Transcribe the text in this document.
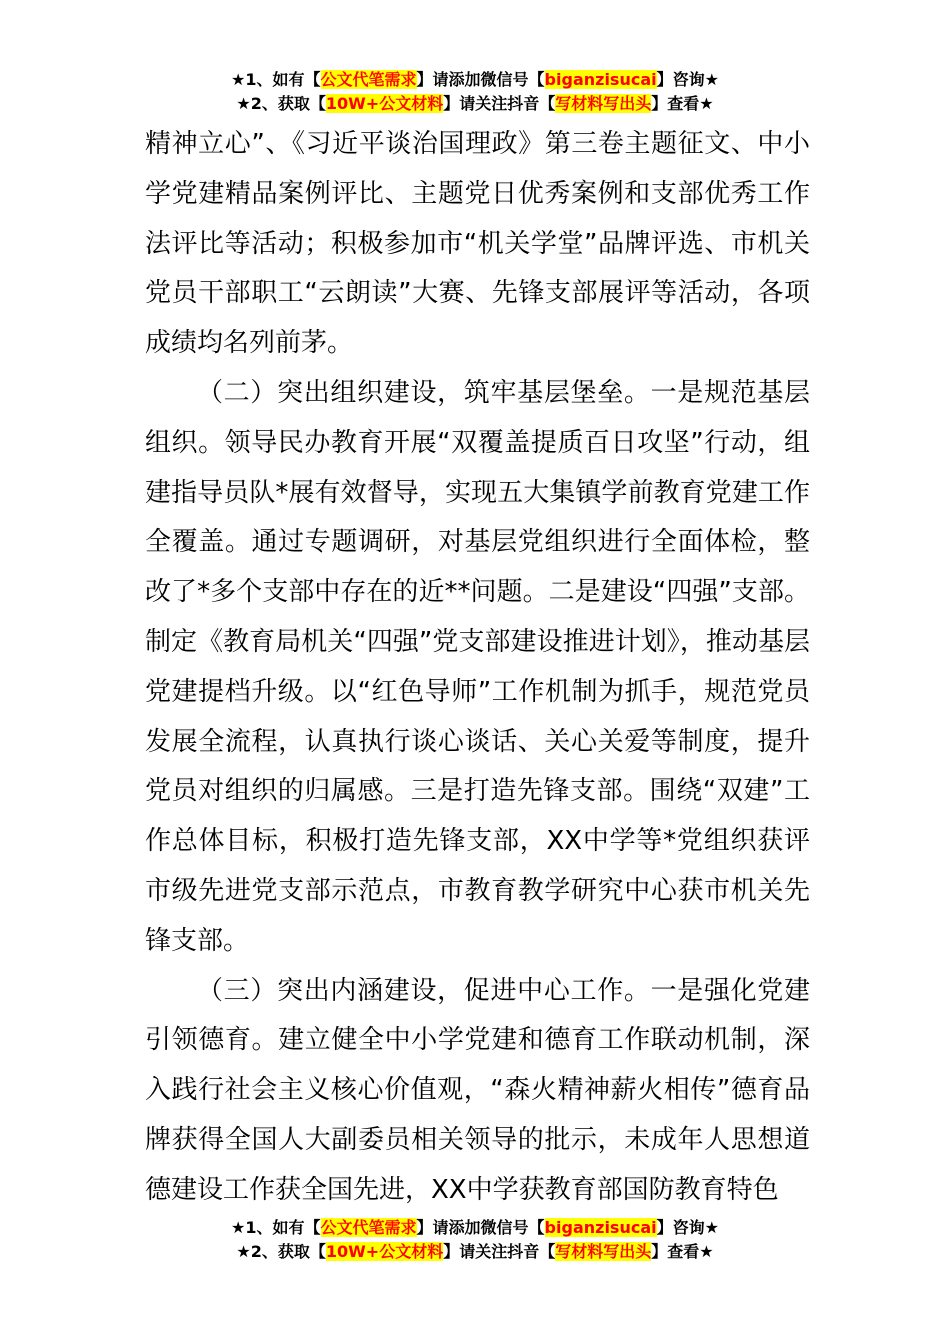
★1、如有【公文代笔需求】请添加微信号【biganzisucai】咨询★
★2、获取【10W+公文材料】请关注抖音【写材料写出头】查看★

精神立心”、《习近平谈治国理政》第三卷主题征文、中小学党建精品案例评比、主题党日优秀案例和支部优秀工作法评比等活动；积极参加市“机关学堂”品牌评选、市机关党员干部职工“云朗读”大赛、先锋支部展评等活动，各项成绩均名列前茅。

（二）突出组织建设，筑牢基层堡垒。一是规范基层组织。领导民办教育开展“双覆盖提质百日攻坚”行动，组建指导员队*展有效督导，实现五大集镇学前教育党建工作全覆盖。通过专题调研，对基层党组织进行全面体检，整改了*多个支部中存在的近**问题。二是建设“四强”支部。制定《教育局机关“四强”党支部建设推进计划》，推动基层党建提档升级。以“红色导师”工作机制为抓手，规范党员发展全流程，认真执行谈心谈话、关心关爱等制度，提升党员对组织的归属感。三是打造先锋支部。围绕“双建”工作总体目标，积极打造先锋支部，XX中学等*党组织获评市级先进党支部示范点，市教育教学研究中心获市机关先锋支部。

（三）突出内涵建设，促进中心工作。一是强化党建引领德育。建立健全中小学党建和德育工作联动机制，深入践行社会主义核心价值观，“森火精神薪火相传”德育品牌获得全国人大副委员相关领导的批示，未成年人思想道德建设工作获全国先进，XX中学获教育部国防教育特色

★1、如有【公文代笔需求】请添加微信号【biganzisucai】咨询★
★2、获取【10W+公文材料】请关注抖音【写材料写出头】查看★
